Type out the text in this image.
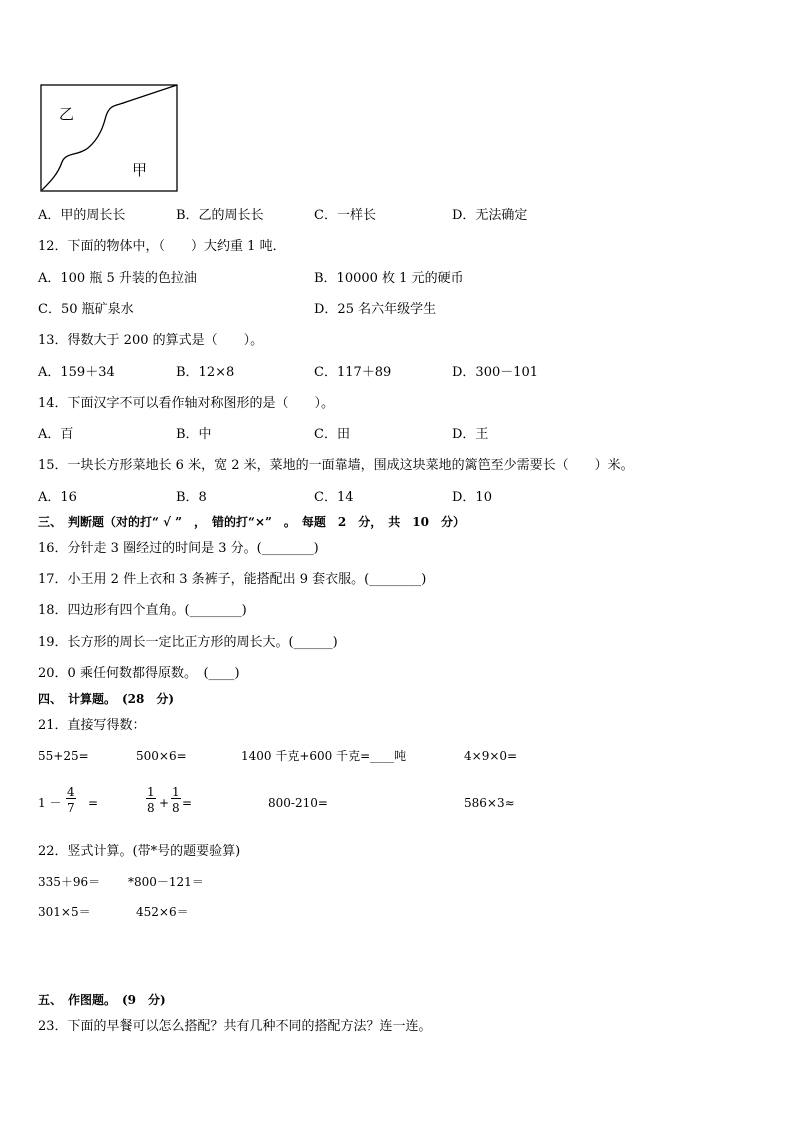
乙
甲
A．甲的周长长	B．乙的周长长	C．一样长	D．无法确定
12．下面的物体中，（　　）大约重 1 吨．
A．100 瓶 5 升装的色拉油	B．10000 枚 1 元的硬币
C．50 瓶矿泉水	D．25 名六年级学生
13．得数大于 200 的算式是（　　）。
A．159＋34	B．12×8	C．117＋89	D．300－101
14．下面汉字不可以看作轴对称图形的是（　　）。
A．百	B．中	C．田	D．王
15．一块长方形菜地长 6 米，宽 2 米，菜地的一面靠墙，围成这块菜地的篱笆至少需要长（　　）米。
A．16	B．8	C．14	D．10
三、　判断题（对的打“ √ ”　，　错的打“×”　。　每题　2　分，　共　10　分）
16．分针走 3 圈经过的时间是 3 分。(________)
17．小王用 2 件上衣和 3 条裤子，能搭配出 9 套衣服。(________)
18．四边形有四个直角。(________)
19．长方形的周长一定比正方形的周长大。(______)
20．0 乘任何数都得原数。　(____)
四、　计算题。　(28　分)
21．直接写得数：
55+25=	500×6=	1400 千克+600 千克=____吨	4×9×0=
$1 - \frac{4}{7}$ =	$\frac{1}{8} + \frac{1}{8}$ =	800-210=	586×3≈
22．竖式计算。(带*号的题要验算)
335＋96＝ *800－121＝
301×5＝	452×6＝
五、　作图题。　(9　分)
23．下面的早餐可以怎么搭配？共有几种不同的搭配方法？连一连。
